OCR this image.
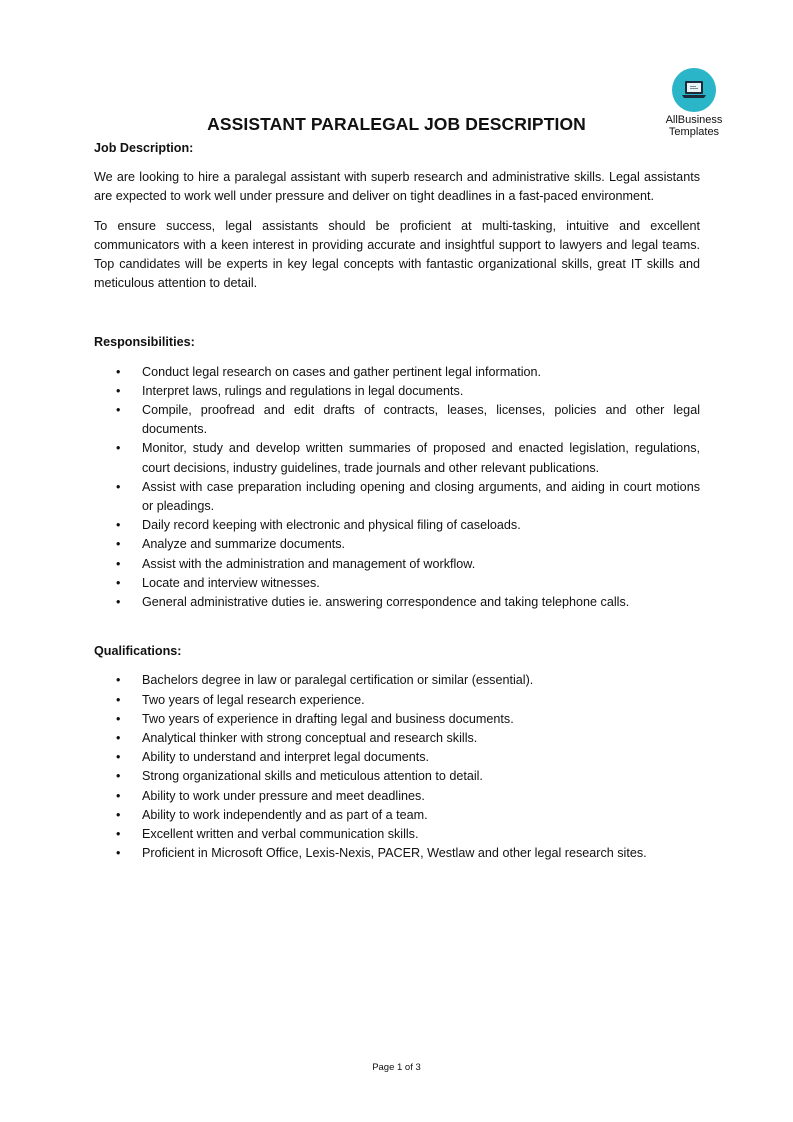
AllBusiness
Templates
ASSISTANT PARALEGAL JOB DESCRIPTION

Job Description:

We are looking to hire a paralegal assistant with superb research and administrative skills. Legal assistants are expected to work well under pressure and deliver on tight deadlines in a fast-paced environment.

To ensure success, legal assistants should be proficient at multi-tasking, intuitive and excellent communicators with a keen interest in providing accurate and insightful support to lawyers and legal teams. Top candidates will be experts in key legal concepts with fantastic organizational skills, great IT skills and meticulous attention to detail.

Responsibilities:

• Conduct legal research on cases and gather pertinent legal information.
• Interpret laws, rulings and regulations in legal documents.
• Compile, proofread and edit drafts of contracts, leases, licenses, policies and other legal documents.
• Monitor, study and develop written summaries of proposed and enacted legislation, regulations, court decisions, industry guidelines, trade journals and other relevant publications.
• Assist with case preparation including opening and closing arguments, and aiding in court motions or pleadings.
• Daily record keeping with electronic and physical filing of caseloads.
• Analyze and summarize documents.
• Assist with the administration and management of workflow.
• Locate and interview witnesses.
• General administrative duties ie. answering correspondence and taking telephone calls.

Qualifications:

• Bachelors degree in law or paralegal certification or similar (essential).
• Two years of legal research experience.
• Two years of experience in drafting legal and business documents.
• Analytical thinker with strong conceptual and research skills.
• Ability to understand and interpret legal documents.
• Strong organizational skills and meticulous attention to detail.
• Ability to work under pressure and meet deadlines.
• Ability to work independently and as part of a team.
• Excellent written and verbal communication skills.
• Proficient in Microsoft Office, Lexis-Nexis, PACER, Westlaw and other legal research sites.
Page 1 of 3
